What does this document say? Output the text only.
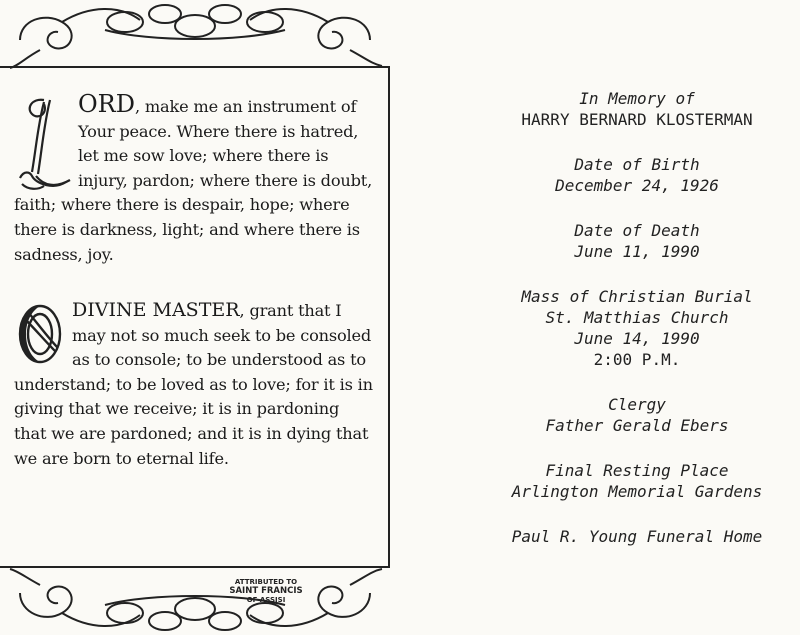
ORD, make me an instrument of Your peace. Where there is hatred, let me sow love; where there is injury, pardon; where there is doubt, faith; where there is despair, hope; where there is darkness, light; and where there is sadness, joy.

DIVINE MASTER, grant that I may not so much seek to be consoled as to console; to be understood as to understand; to be loved as to love; for it is in giving that we receive; it is in pardoning that we are pardoned; and it is in dying that we are born to eternal life.

ATTRIBUTED TO
SAINT FRANCIS
OF ASSISI
In Memory of
HARRY BERNARD KLOSTERMAN
Date of Birth
December 24, 1926
Date of Death
June 11, 1990
Mass of Christian Burial
St. Matthias Church
June 14, 1990
2:00 P.M.
Clergy
Father Gerald Ebers
Final Resting Place
Arlington Memorial Gardens
Paul R. Young Funeral Home
